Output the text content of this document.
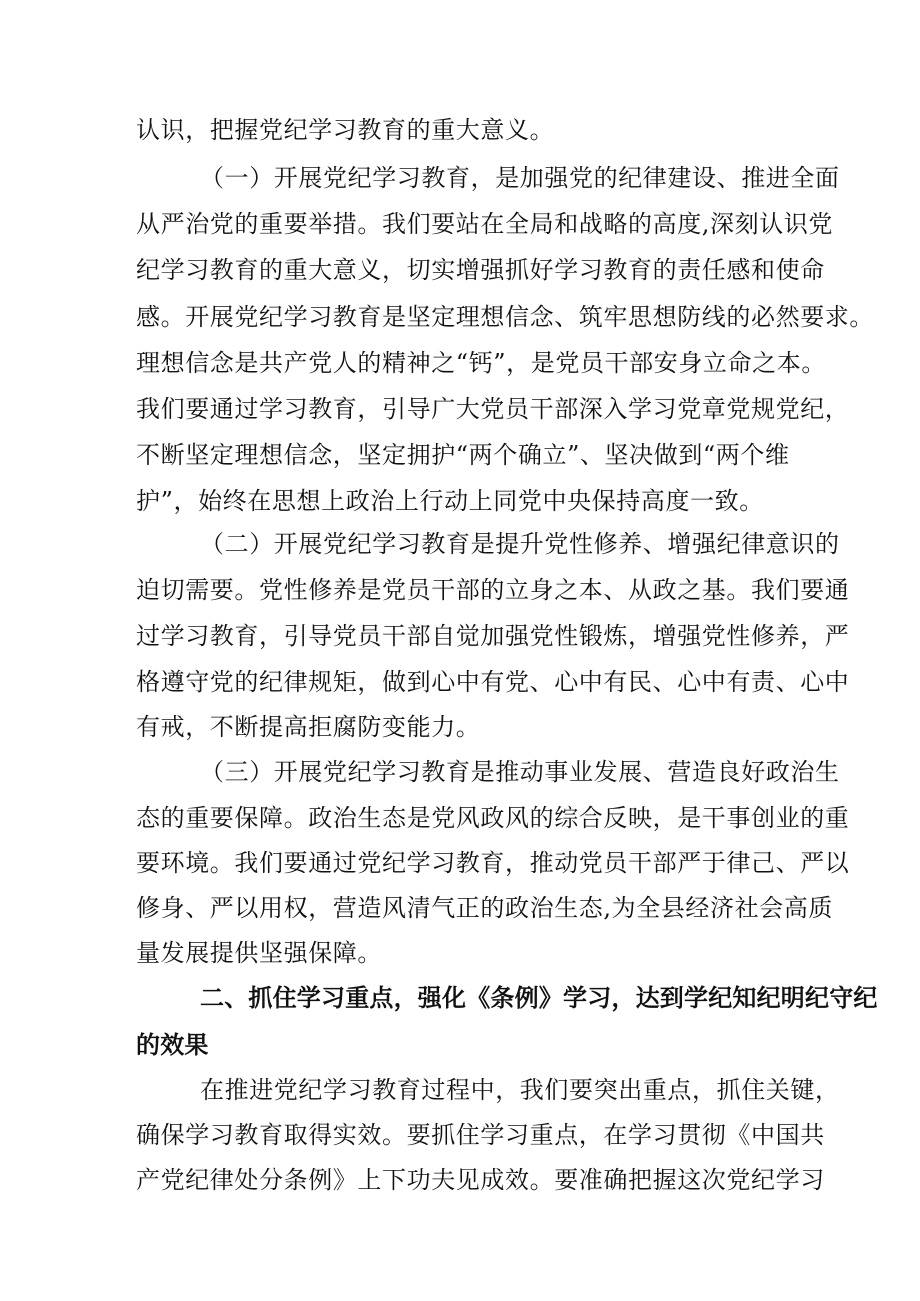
认识，把握党纪学习教育的重大意义。
（一）开展党纪学习教育，是加强党的纪律建设、推进全面
从严治党的重要举措。我们要站在全局和战略的高度,深刻认识党
纪学习教育的重大意义，切实增强抓好学习教育的责任感和使命
感。开展党纪学习教育是坚定理想信念、筑牢思想防线的必然要求。
理想信念是共产党人的精神之“钙”，是党员干部安身立命之本。
我们要通过学习教育，引导广大党员干部深入学习党章党规党纪，
不断坚定理想信念，坚定拥护“两个确立”、坚决做到“两个维
护”，始终在思想上政治上行动上同党中央保持高度一致。
（二）开展党纪学习教育是提升党性修养、增强纪律意识的
迫切需要。党性修养是党员干部的立身之本、从政之基。我们要通
过学习教育，引导党员干部自觉加强党性锻炼，增强党性修养，严
格遵守党的纪律规矩，做到心中有党、心中有民、心中有责、心中
有戒，不断提高拒腐防变能力。
（三）开展党纪学习教育是推动事业发展、营造良好政治生
态的重要保障。政治生态是党风政风的综合反映，是干事创业的重
要环境。我们要通过党纪学习教育，推动党员干部严于律己、严以
修身、严以用权，营造风清气正的政治生态,为全县经济社会高质
量发展提供坚强保障。
二、抓住学习重点，强化《条例》学习，达到学纪知纪明纪守纪
的效果
在推进党纪学习教育过程中，我们要突出重点，抓住关键，
确保学习教育取得实效。要抓住学习重点，在学习贯彻《中国共
产党纪律处分条例》上下功夫见成效。要准确把握这次党纪学习
